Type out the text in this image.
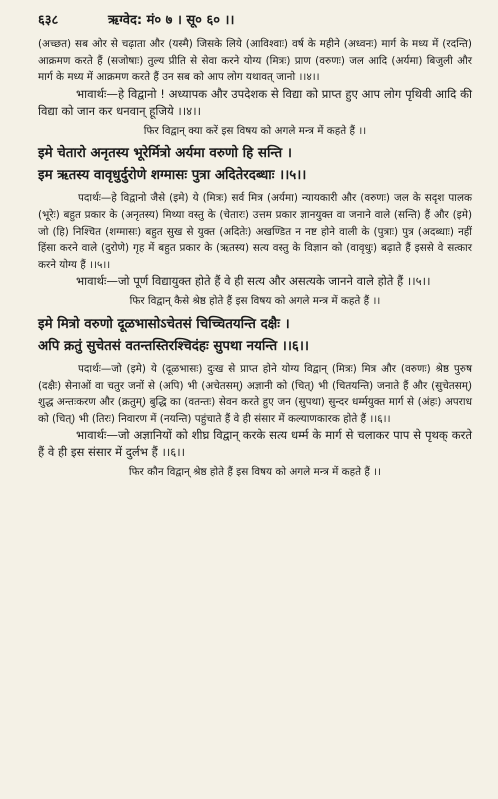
६३८	ऋग्वेद: मं० ७ । सू० ६० ।।

(अच्छत) सब ओर से चढ़ाता और (यस्मै) जिसके लिये (आविश्वाः) वर्ष के महीने (अध्वनः) मार्ग के मध्य में (रदन्ति) आक्रमण करते हैं (सजोषाः) तुल्य प्रीति से सेवा करने योग्य (मित्रः) प्राण (वरुणः) जल आदि (अर्यमा) बिजुली और मार्ग के मध्य में आक्रमण करते हैं उन सब को आप लोग यथावत् जानो ।।४।।

भावार्थः—हे विद्वानो ! अध्यापक और उपदेशक से विद्या को प्राप्त हुए आप लोग पृथिवी आदि की विद्या को जान कर धनवान् हूजिये ।।४।।

फिर विद्वान् क्या करें इस विषय को अगले मन्त्र में कहते हैं ।।

इमे चेतारो अनृतस्य भूरेर्मित्रो अर्यमा वरुणो हि सन्ति ।

इम ऋतस्य वावृधुर्दुरोणे शग्मासः पुत्रा अदितेरदब्धाः ।।५।।

पदार्थः—हे विद्वानो जैसे (इमे) ये (मित्रः) सर्व मित्र (अर्यमा) न्यायकारी और (वरुणः) जल के सदृश पालक (भूरेः) बहुत प्रकार के (अनृतस्य) मिथ्या वस्तु के (चेतारः) उत्तम प्रकार ज्ञानयुक्त वा जनाने वाले (सन्ति) हैं और (इमे) जो (हि) निश्चित (शग्मासः) बहुत सुख से युक्त (अदितेः) अखण्डित न नष्ट होने वाली के (पुत्राः) पुत्र (अदब्धाः) नहीं हिंसा करने वाले (दुरोणे) गृह में बहुत प्रकार के (ऋतस्य) सत्य वस्तु के विज्ञान को (वावृधुः) बढ़ाते हैं इससे वे सत्कार करने योग्य हैं ।।५।।

भावार्थः—जो पूर्ण विद्यायुक्त होते हैं वे ही सत्य और असत्यके जानने वाले होते हैं ।।५।।

फिर विद्वान् कैसे श्रेष्ठ होते हैं इस विषय को अगले मन्त्र में कहते हैं ।।

इमे मित्रो वरुणो दूळभासोऽचेतसं चिच्चितयन्ति दक्षैः ।

अपि क्रतुं सुचेतसं वतन्तस्तिरश्चिदंहः सुपथा नयन्ति ।।६।।

पदार्थः—जो (इमे) ये (दूळभासः) दुःख से प्राप्त होने योग्य विद्वान् (मित्रः) मित्र और (वरुणः) श्रेष्ठ पुरुष (दक्षैः) सेनाओं वा चतुर जनों से (अपि) भी (अचेतसम्) अज्ञानी को (चित्) भी (चितयन्ति) जनाते हैं और (सुचेतसम्) शुद्ध अन्तःकरण और (क्रतुम्) बुद्धि का (वतन्तः) सेवन करते हुए जन (सुपथा) सुन्दर धर्म्मयुक्त मार्ग से (अंहः) अपराध को (चित्) भी (तिरः) निवारण में (नयन्ति) पहुंचाते हैं वे ही संसार में कल्याणकारक होते हैं ।।६।।

भावार्थः—जो अज्ञानियों को शीघ्र विद्वान् करके सत्य धर्म्म के मार्ग से चलाकर पाप से पृथक् करते हैं वे ही इस संसार में दुर्लभ हैं ।।६।।

फिर कौन विद्वान् श्रेष्ठ होते हैं इस विषय को अगले मन्त्र में कहते हैं ।।
